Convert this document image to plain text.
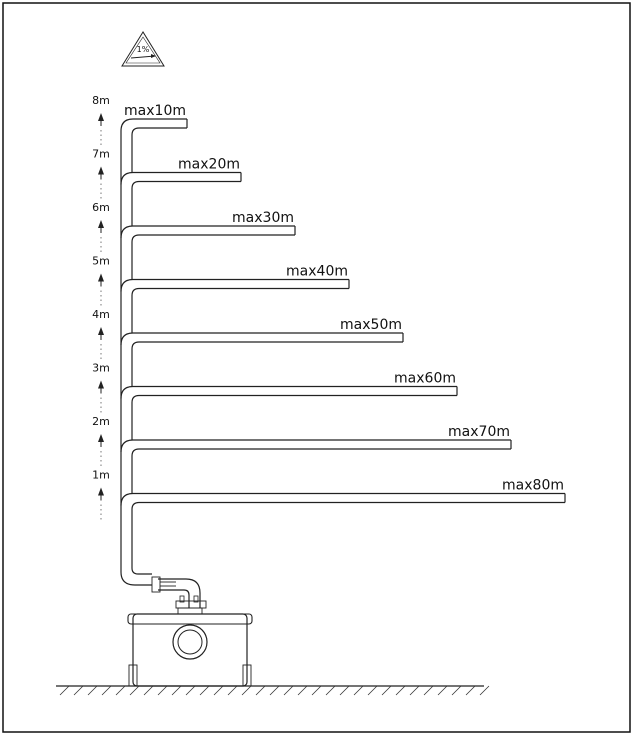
1%
8m
7m
6m
5m
4m
3m
2m
1m
max10m
max20m
max30m
max40m
max50m
max60m
max70m
max80m
